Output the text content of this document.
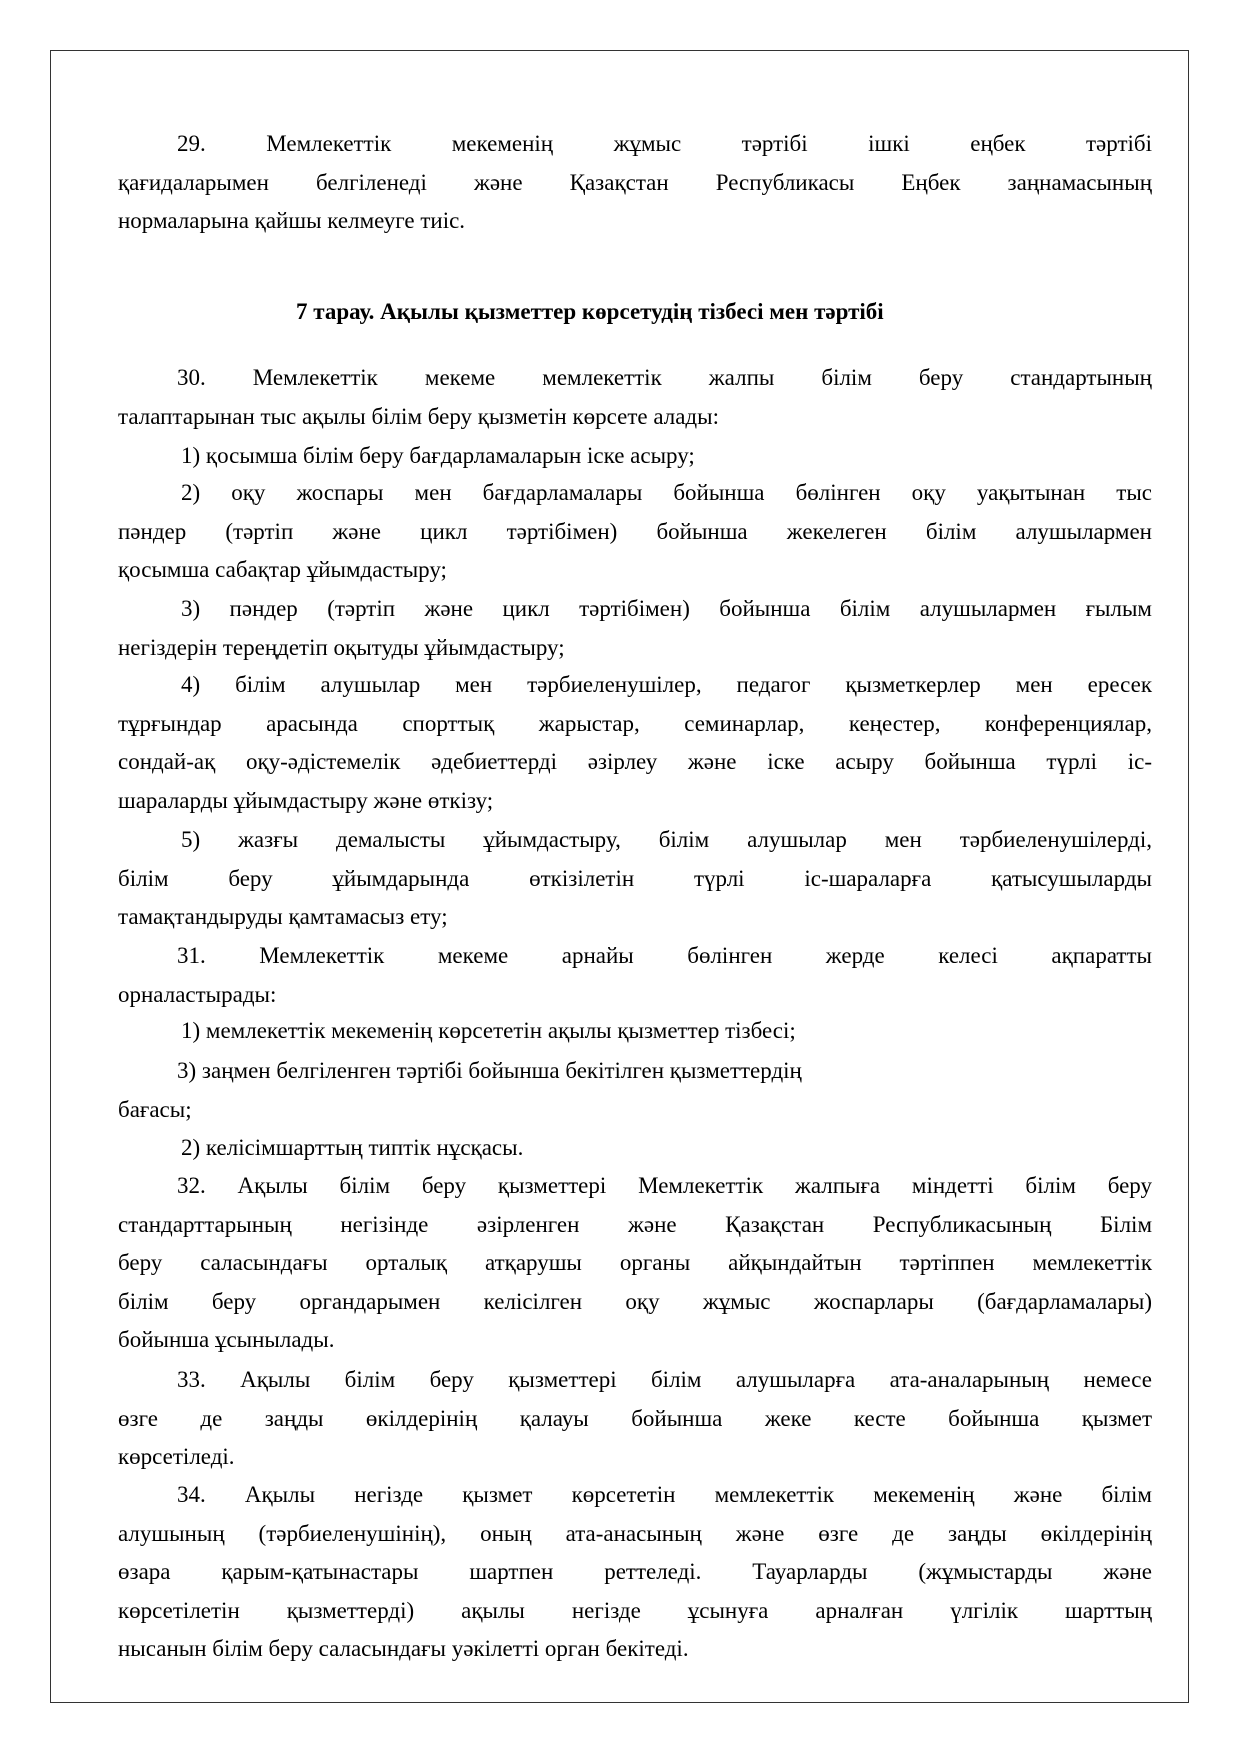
7 тарау. Ақылы қызметтер көрсетудің тізбесі мен тәртібі
29. Мемлекеттік мекеменің жұмыс тәртібі ішкі еңбек тәртібі
қағидаларымен белгіленеді және Қазақстан Республикасы Еңбек заңнамасының
нормаларына қайшы келмеуге тиіс.
30. Мемлекеттік мекеме мемлекеттік жалпы білім беру стандартының
талаптарынан тыс ақылы білім беру қызметін көрсете алады:
1) қосымша білім беру бағдарламаларын іске асыру;
2) оқу жоспары мен бағдарламалары бойынша бөлінген оқу уақытынан тыс
пәндер (тәртіп және цикл тәртібімен) бойынша жекелеген білім алушылармен
қосымша сабақтар ұйымдастыру;
3) пәндер (тәртіп және цикл тәртібімен) бойынша білім алушылармен ғылым
негіздерін тереңдетіп оқытуды ұйымдастыру;
4) білім алушылар мен тәрбиеленушілер, педагог қызметкерлер мен ересек
тұрғындар арасында спорттық жарыстар, семинарлар, кеңестер, конференциялар,
сондай-ақ оқу-әдістемелік әдебиеттерді әзірлеу және іске асыру бойынша түрлі іс-
шараларды ұйымдастыру және өткізу;
5) жазғы демалысты ұйымдастыру, білім алушылар мен тәрбиеленушілерді,
білім беру ұйымдарында өткізілетін түрлі іс-шараларға қатысушыларды
тамақтандыруды қамтамасыз ету;
31. Мемлекеттік мекеме арнайы бөлінген жерде келесі ақпаратты
орналастырады:
1) мемлекеттік мекеменің көрсететін ақылы қызметтер тізбесі;
3) заңмен белгіленген тәртібі бойынша бекітілген қызметтердің
бағасы;
2) келісімшарттың типтік нұсқасы.
32. Ақылы білім беру қызметтері Мемлекеттік жалпыға міндетті білім беру
стандарттарының негізінде әзірленген және Қазақстан Республикасының Білім
беру саласындағы орталық атқарушы органы айқындайтын тәртіппен мемлекеттік
білім беру органдарымен келісілген оқу жұмыс жоспарлары (бағдарламалары)
бойынша ұсынылады.
33. Ақылы білім беру қызметтері білім алушыларға ата-аналарының немесе
өзге де заңды өкілдерінің қалауы бойынша жеке кесте бойынша қызмет
көрсетіледі.
34. Ақылы негізде қызмет көрсететін мемлекеттік мекеменің және білім
алушының (тәрбиеленушінің), оның ата-анасының және өзге де заңды өкілдерінің
өзара қарым-қатынастары шартпен реттеледі. Тауарларды (жұмыстарды және
көрсетілетін қызметтерді) ақылы негізде ұсынуға арналған үлгілік шарттың
нысанын білім беру саласындағы уәкілетті орган бекітеді.
